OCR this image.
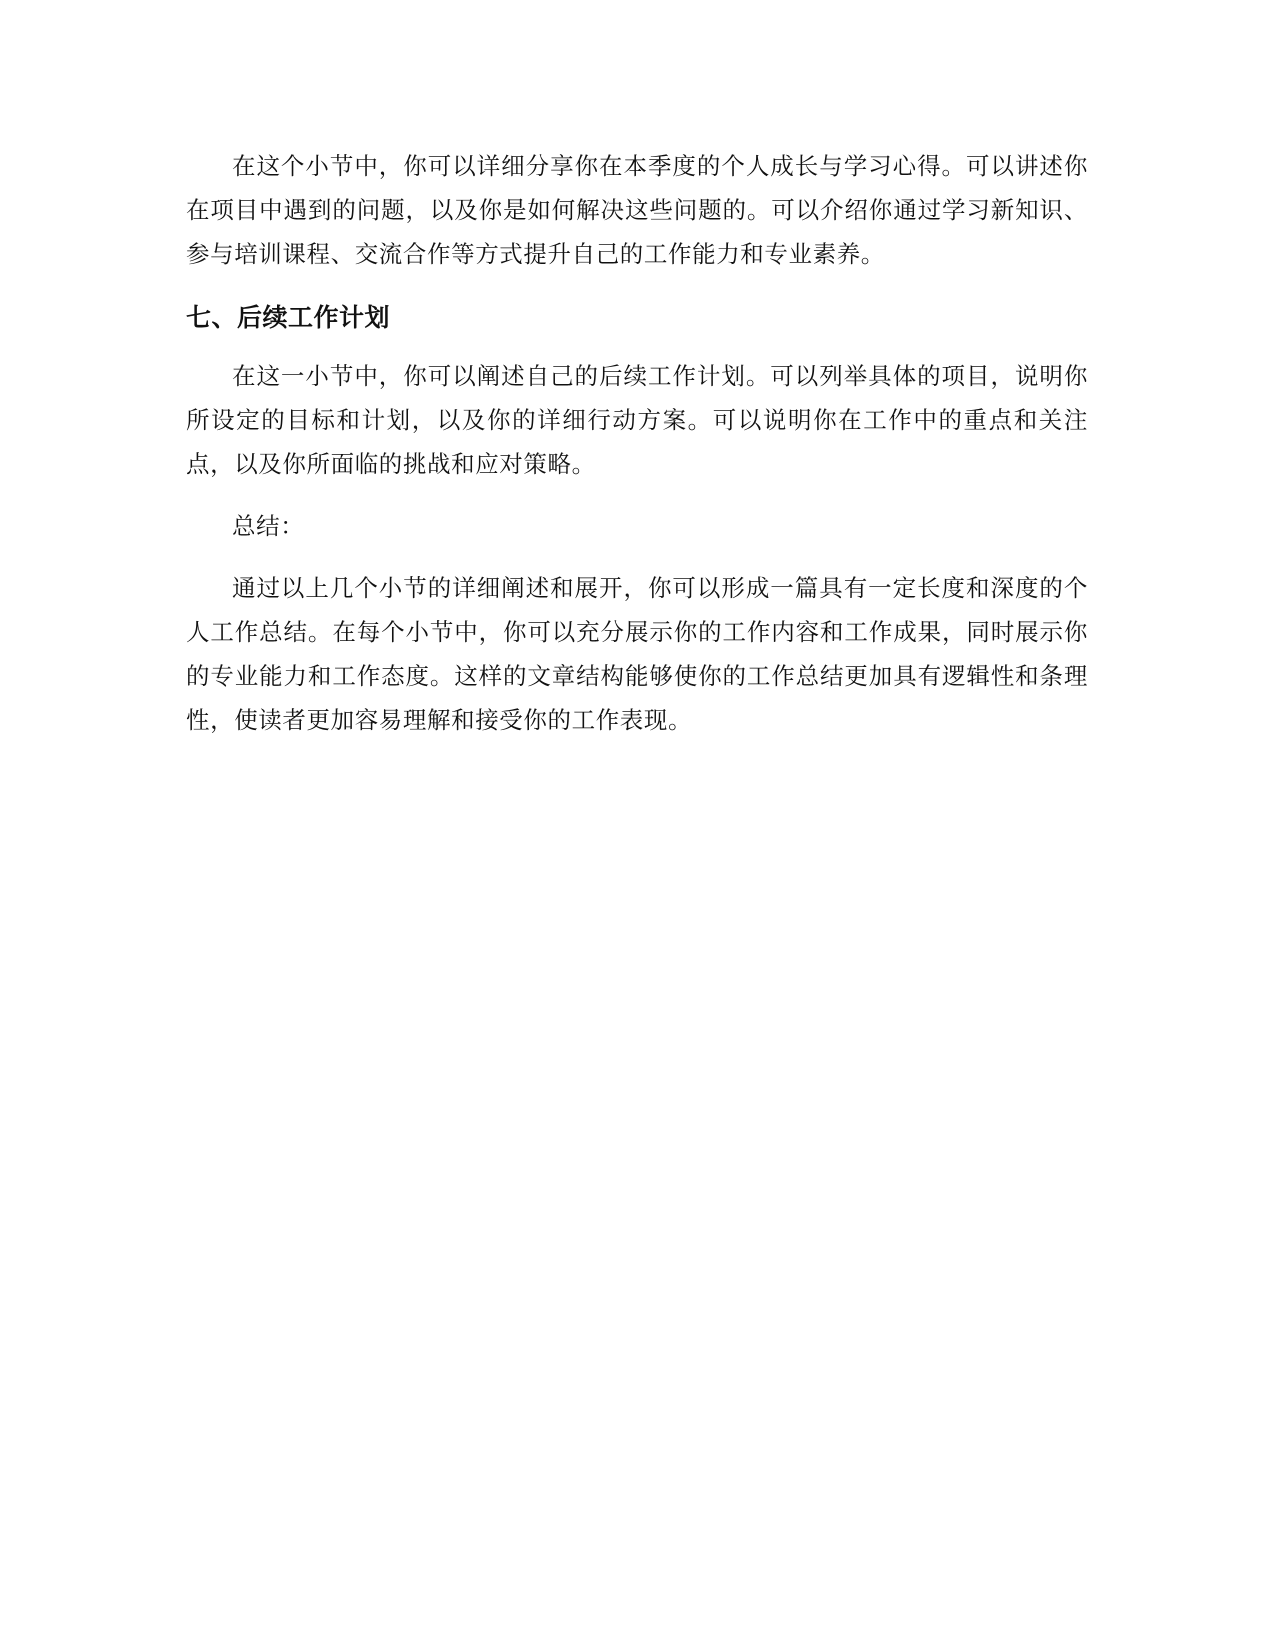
在这个小节中，你可以详细分享你在本季度的个人成长与学习心得。可以讲述你在项目中遇到的问题，以及你是如何解决这些问题的。可以介绍你通过学习新知识、参与培训课程、交流合作等方式提升自己的工作能力和专业素养。

七、后续工作计划

在这一小节中，你可以阐述自己的后续工作计划。可以列举具体的项目，说明你所设定的目标和计划，以及你的详细行动方案。可以说明你在工作中的重点和关注点，以及你所面临的挑战和应对策略。

总结：

通过以上几个小节的详细阐述和展开，你可以形成一篇具有一定长度和深度的个人工作总结。在每个小节中，你可以充分展示你的工作内容和工作成果，同时展示你的专业能力和工作态度。这样的文章结构能够使你的工作总结更加具有逻辑性和条理性，使读者更加容易理解和接受你的工作表现。
